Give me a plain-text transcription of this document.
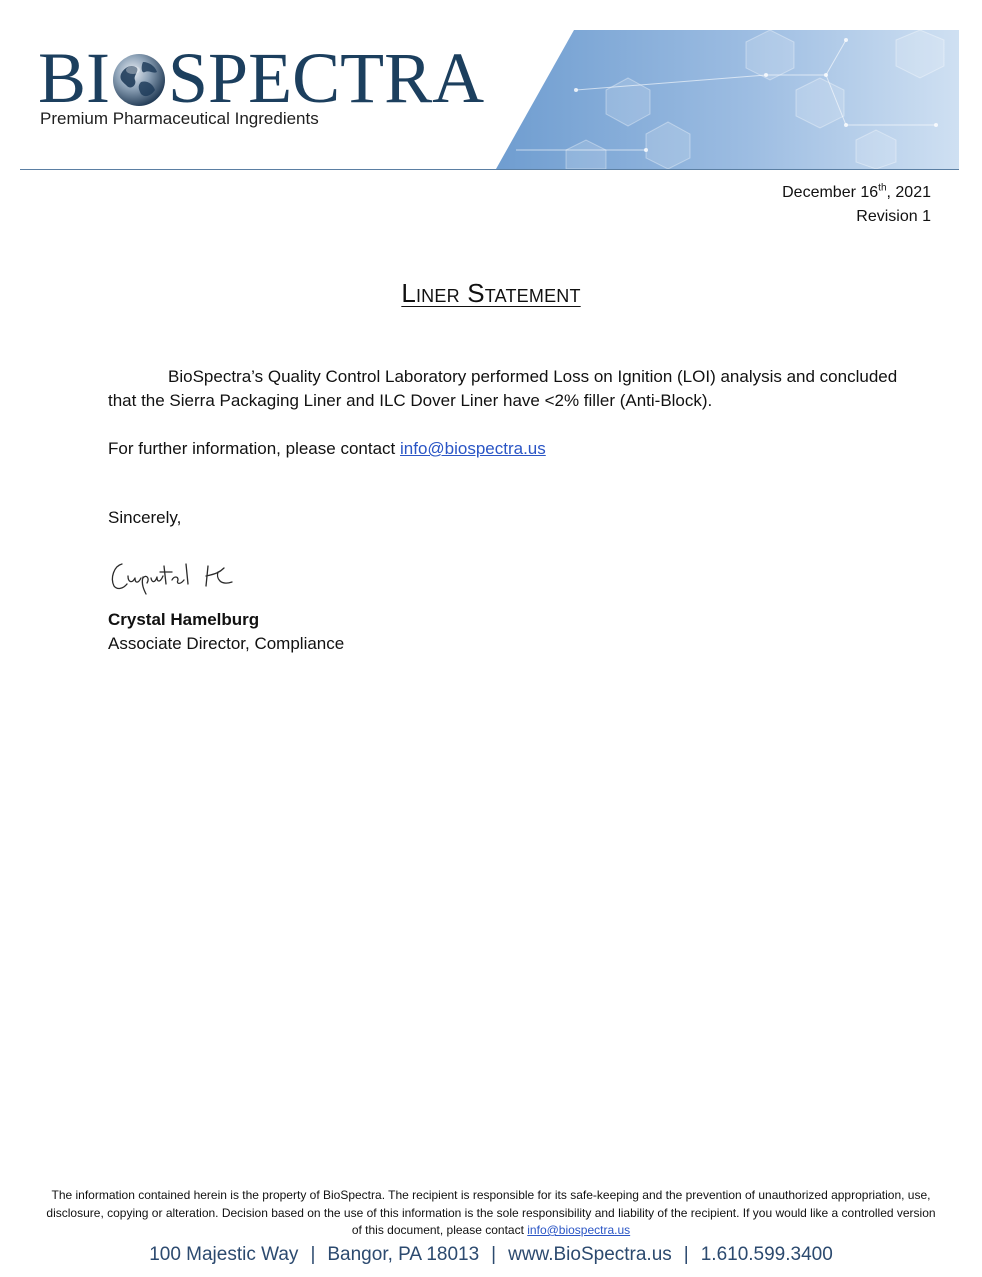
BI SPECTRA
Premium Pharmaceutical Ingredients
December 16th, 2021
Revision 1
Liner Statement
BioSpectra’s Quality Control Laboratory performed Loss on Ignition (LOI) analysis and concluded that the Sierra Packaging Liner and ILC Dover Liner have <2% filler (Anti-Block).
For further information, please contact info@biospectra.us
Sincerely,
Crystal Hamelburg
Associate Director, Compliance
The information contained herein is the property of BioSpectra. The recipient is responsible for its safe-keeping and the prevention of unauthorized appropriation, use, disclosure, copying or alteration. Decision based on the use of this information is the sole responsibility and liability of the recipient. If you would like a controlled version of this document, please contact info@biospectra.us
100 Majestic Way | Bangor, PA 18013 | www.BioSpectra.us | 1.610.599.3400
